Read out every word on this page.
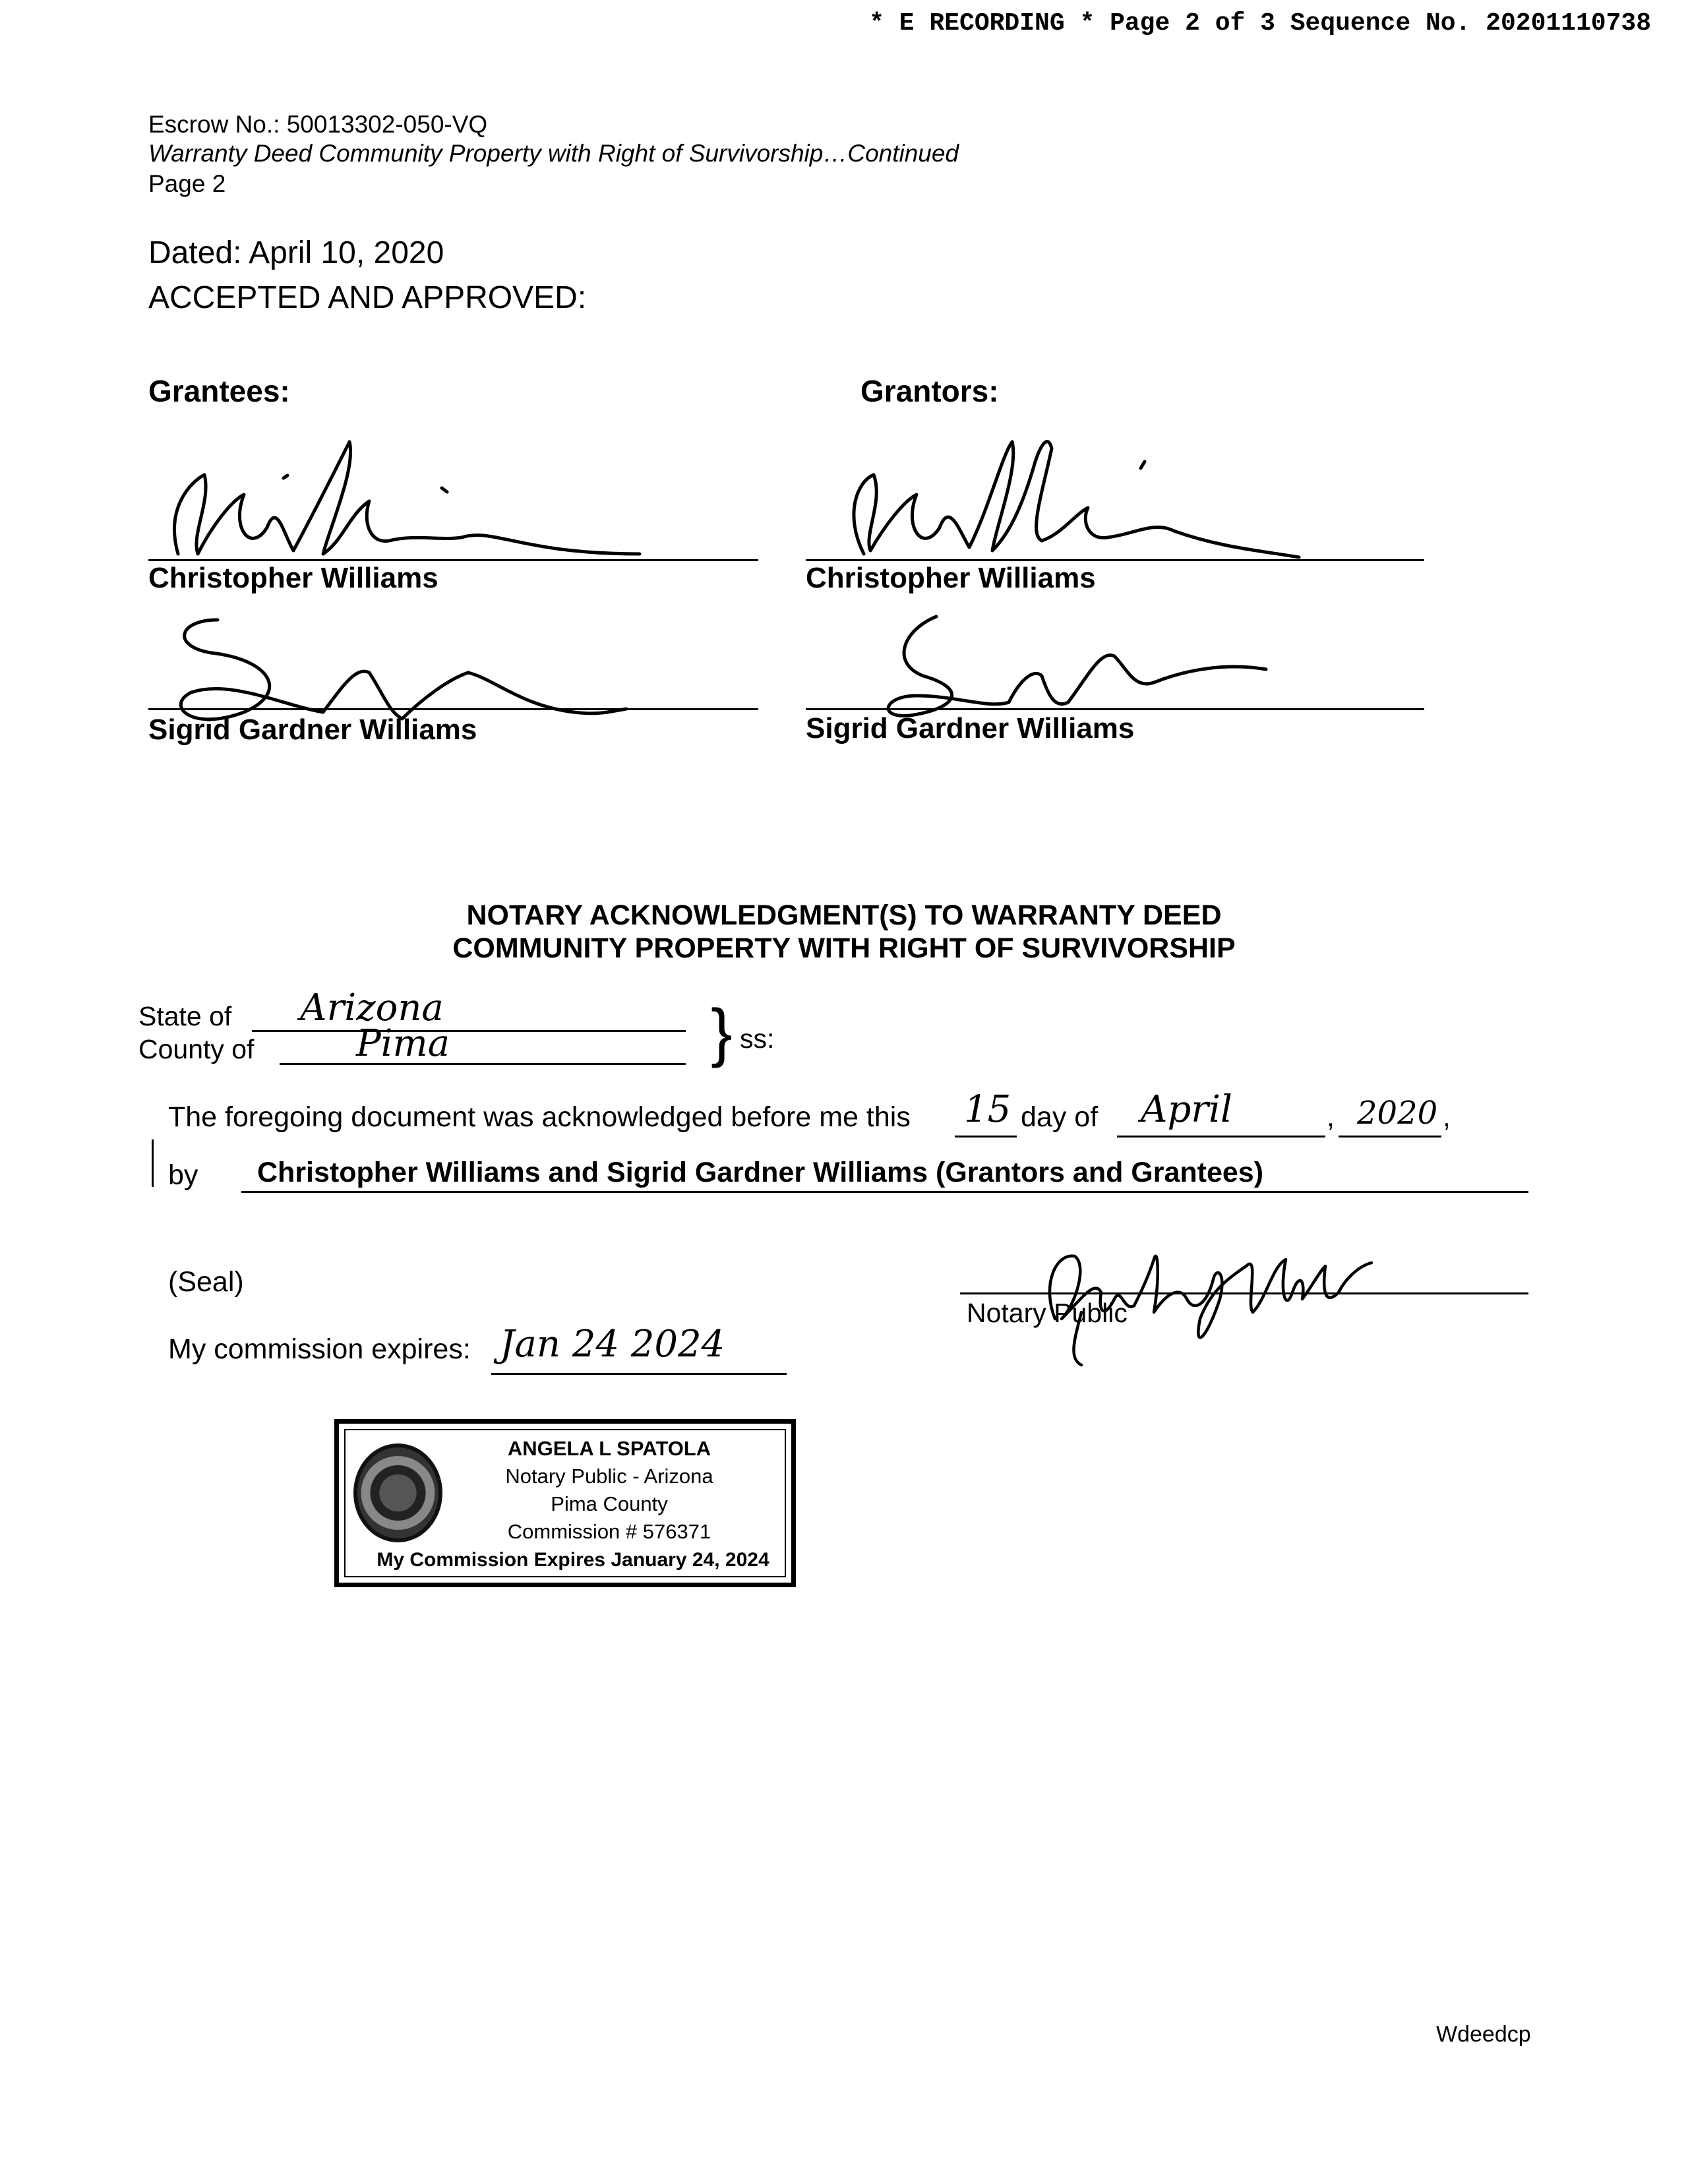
* E RECORDING * Page 2 of 3 Sequence No. 20201110738
Escrow No.: 50013302-050-VQ
Warranty Deed Community Property with Right of Survivorship…Continued
Page 2
Dated: April 10, 2020
ACCEPTED AND APPROVED:
Grantees:
Christopher Williams
Sigrid Gardner Williams
Grantors:
Christopher Williams
Sigrid Gardner Williams
NOTARY ACKNOWLEDGMENT(S) TO WARRANTY DEED
COMMUNITY PROPERTY WITH RIGHT OF SURVIVORSHIP
State of Arizona
County of	Pima	} ss:
The foregoing document was acknowledged before me this 15 day of April	, 2020 ,
by Christopher Williams and Sigrid Gardner Williams (Grantors and Grantees)
(Seal)
Notary Public
My commission expires: Jan 24 2024
ANGELA L SPATOLA
Notary Public - Arizona
Pima County
Commission # 576371
My Commission Expires January 24, 2024
Wdeedcp
